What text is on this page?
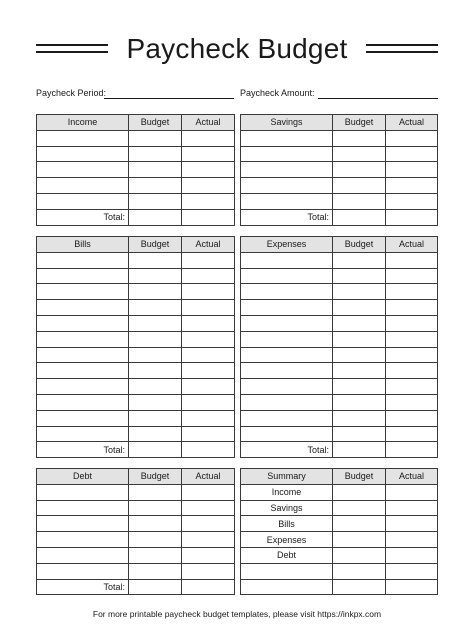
Paycheck Budget
Paycheck Period:	Paycheck Amount:
Income	Budget	Actual

Total:		
Savings	Budget	Actual

Total:		
Bills	Budget	Actual

Total:		
Expenses	Budget	Actual

Total:		
Debt	Budget	Actual

Total:		
Summary	Budget	Actual
Income		
Savings		
Bills		
Expenses		
Debt		

For more printable paycheck budget templates, please visit https://inkpx.com
